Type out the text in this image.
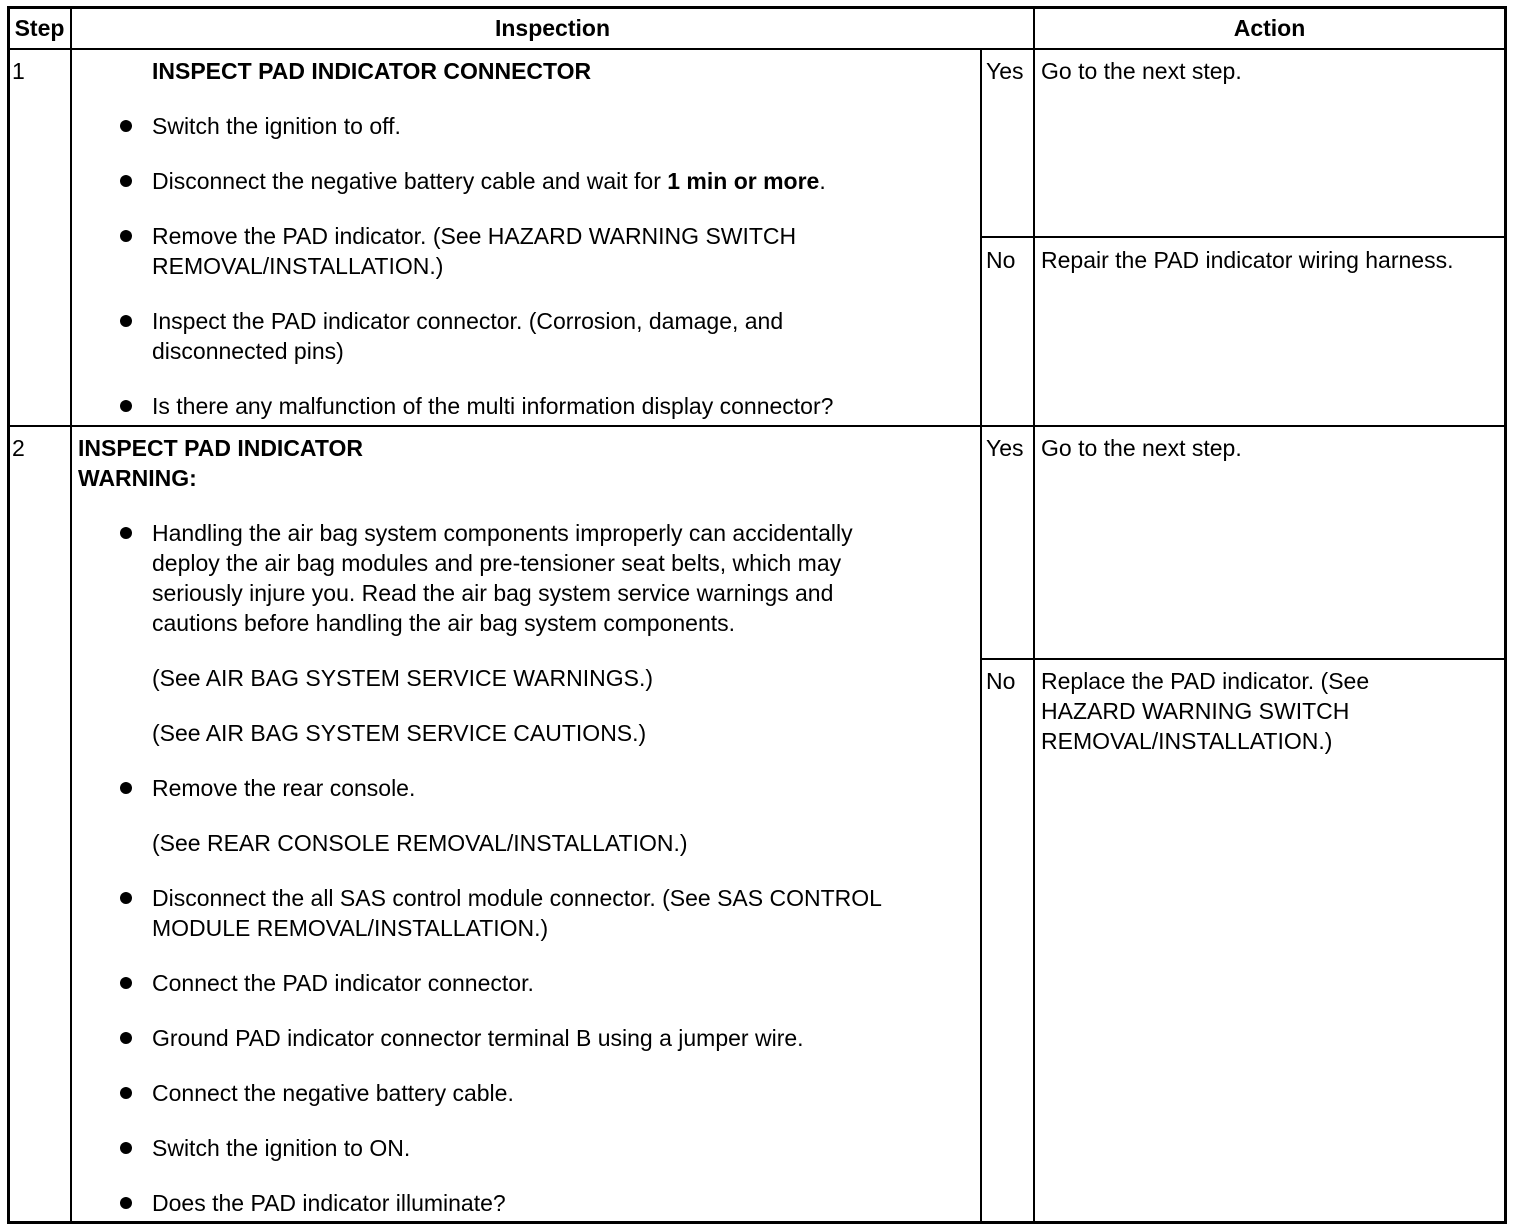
Step	Inspection	Action
1	INSPECT PAD INDICATOR CONNECTOR
Switch the ignition to off.
Disconnect the negative battery cable and wait for 1 min or more.
Remove the PAD indicator. (See HAZARD WARNING SWITCH
REMOVAL/INSTALLATION.)
Inspect the PAD indicator connector. (Corrosion, damage, and
disconnected pins)
Is there any malfunction of the multi information display connector?
Yes Go to the next step.
No Repair the PAD indicator wiring harness.
2 INSPECT PAD INDICATOR
WARNING:
Handling the air bag system components improperly can accidentally
deploy the air bag modules and pre-tensioner seat belts, which may
seriously injure you. Read the air bag system service warnings and
cautions before handling the air bag system components.
(See AIR BAG SYSTEM SERVICE WARNINGS.)
(See AIR BAG SYSTEM SERVICE CAUTIONS.)
Remove the rear console.
(See REAR CONSOLE REMOVAL/INSTALLATION.)
Disconnect the all SAS control module connector. (See SAS CONTROL
MODULE REMOVAL/INSTALLATION.)
Connect the PAD indicator connector.
Ground PAD indicator connector terminal B using a jumper wire.
Connect the negative battery cable.
Switch the ignition to ON.
Does the PAD indicator illuminate?
Yes Go to the next step.
No Replace the PAD indicator. (See
HAZARD WARNING SWITCH
REMOVAL/INSTALLATION.)
